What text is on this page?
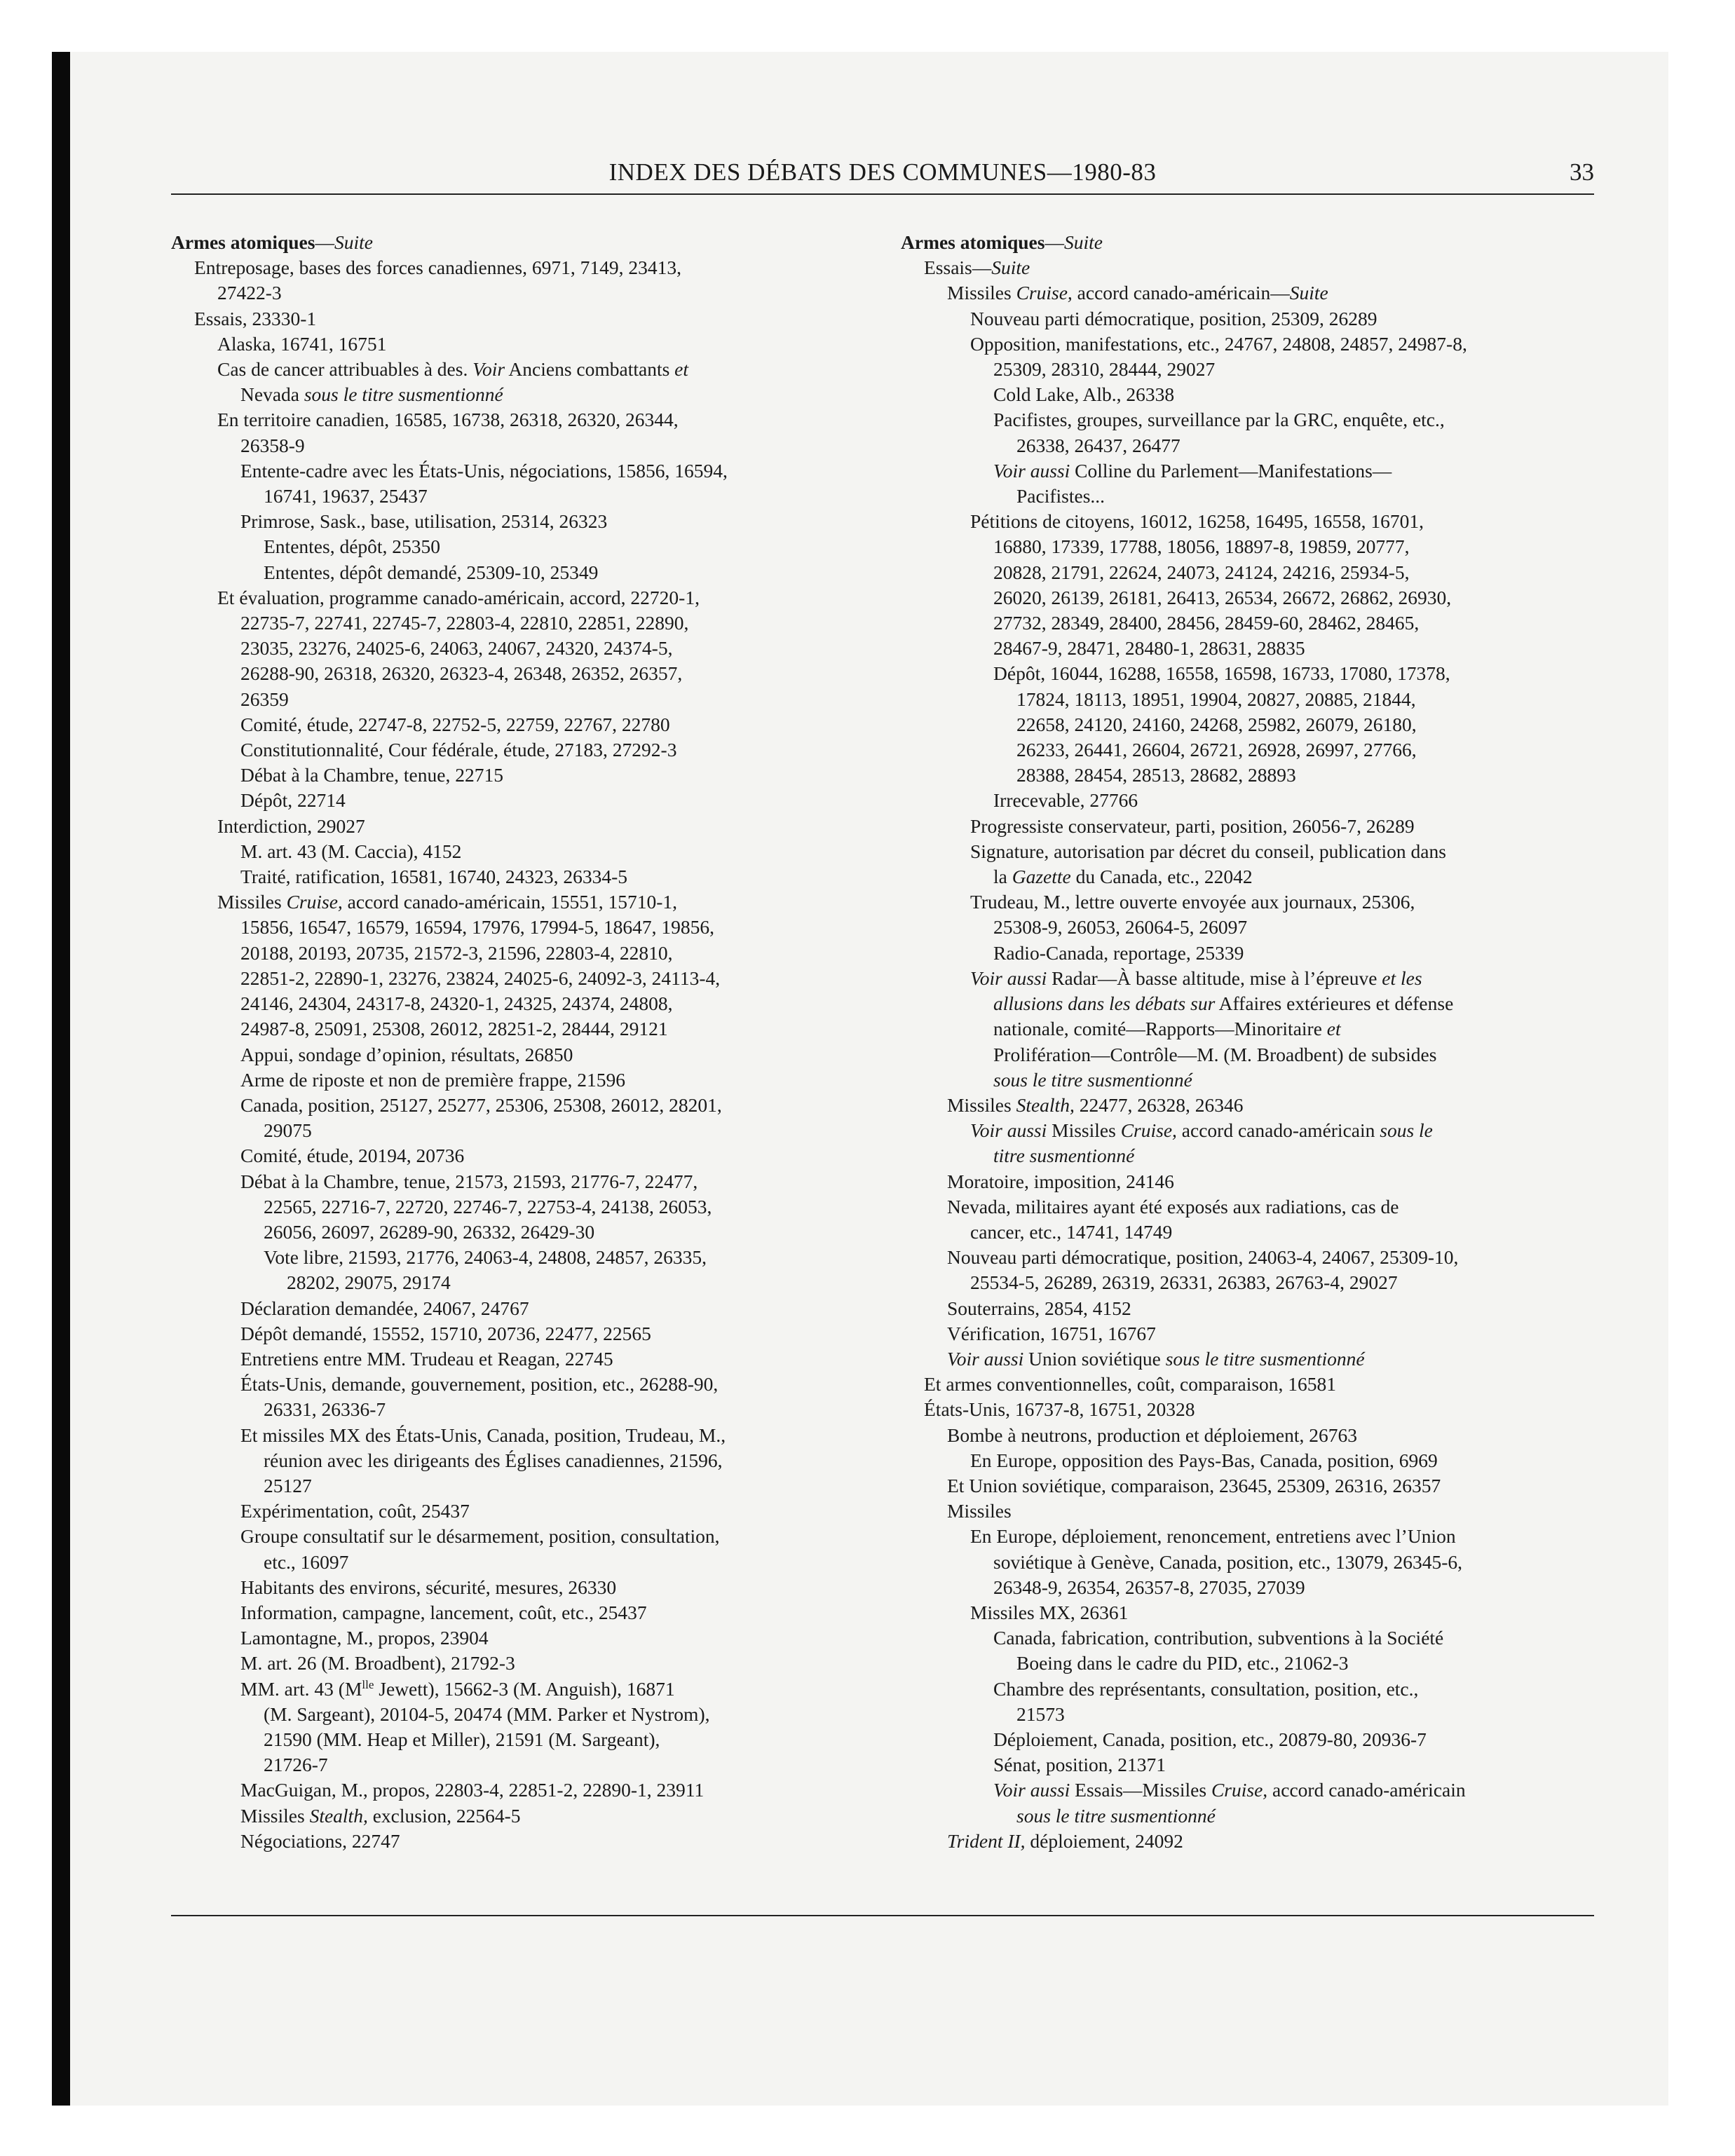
INDEX DES DÉBATS DES COMMUNES—1980-83	33
Armes atomiques—Suite
Entreposage, bases des forces canadiennes, 6971, 7149, 23413,
27422-3
Essais, 23330-1
Alaska, 16741, 16751
Cas de cancer attribuables à des. Voir Anciens combattants et
Nevada sous le titre susmentionné
En territoire canadien, 16585, 16738, 26318, 26320, 26344,
26358-9
Entente-cadre avec les États-Unis, négociations, 15856, 16594,
16741, 19637, 25437
Primrose, Sask., base, utilisation, 25314, 26323
Ententes, dépôt, 25350
Ententes, dépôt demandé, 25309-10, 25349
Et évaluation, programme canado-américain, accord, 22720-1,
22735-7, 22741, 22745-7, 22803-4, 22810, 22851, 22890,
23035, 23276, 24025-6, 24063, 24067, 24320, 24374-5,
26288-90, 26318, 26320, 26323-4, 26348, 26352, 26357,
26359
Comité, étude, 22747-8, 22752-5, 22759, 22767, 22780
Constitutionnalité, Cour fédérale, étude, 27183, 27292-3
Débat à la Chambre, tenue, 22715
Dépôt, 22714
Interdiction, 29027
M. art. 43 (M. Caccia), 4152
Traité, ratification, 16581, 16740, 24323, 26334-5
Missiles Cruise, accord canado-américain, 15551, 15710-1,
15856, 16547, 16579, 16594, 17976, 17994-5, 18647, 19856,
20188, 20193, 20735, 21572-3, 21596, 22803-4, 22810,
22851-2, 22890-1, 23276, 23824, 24025-6, 24092-3, 24113-4,
24146, 24304, 24317-8, 24320-1, 24325, 24374, 24808,
24987-8, 25091, 25308, 26012, 28251-2, 28444, 29121
Appui, sondage d’opinion, résultats, 26850
Arme de riposte et non de première frappe, 21596
Canada, position, 25127, 25277, 25306, 25308, 26012, 28201,
29075
Comité, étude, 20194, 20736
Débat à la Chambre, tenue, 21573, 21593, 21776-7, 22477,
22565, 22716-7, 22720, 22746-7, 22753-4, 24138, 26053,
26056, 26097, 26289-90, 26332, 26429-30
Vote libre, 21593, 21776, 24063-4, 24808, 24857, 26335,
28202, 29075, 29174
Déclaration demandée, 24067, 24767
Dépôt demandé, 15552, 15710, 20736, 22477, 22565
Entretiens entre MM. Trudeau et Reagan, 22745
États-Unis, demande, gouvernement, position, etc., 26288-90,
26331, 26336-7
Et missiles MX des États-Unis, Canada, position, Trudeau, M.,
réunion avec les dirigeants des Églises canadiennes, 21596,
25127
Expérimentation, coût, 25437
Groupe consultatif sur le désarmement, position, consultation,
etc., 16097
Habitants des environs, sécurité, mesures, 26330
Information, campagne, lancement, coût, etc., 25437
Lamontagne, M., propos, 23904
M. art. 26 (M. Broadbent), 21792-3
MM. art. 43 ($M^{lle}$ Jewett), 15662-3 (M. Anguish), 16871
(M. Sargeant), 20104-5, 20474 (MM. Parker et Nystrom),
21590 (MM. Heap et Miller), 21591 (M. Sargeant),
21726-7
MacGuigan, M., propos, 22803-4, 22851-2, 22890-1, 23911
Missiles Stealth, exclusion, 22564-5
Négociations, 22747
Armes atomiques—Suite
Essais—Suite
Missiles Cruise, accord canado-américain—Suite
Nouveau parti démocratique, position, 25309, 26289
Opposition, manifestations, etc., 24767, 24808, 24857, 24987-8,
25309, 28310, 28444, 29027
Cold Lake, Alb., 26338
Pacifistes, groupes, surveillance par la GRC, enquête, etc.,
26338, 26437, 26477
Voir aussi Colline du Parlement—Manifestations—
Pacifistes...
Pétitions de citoyens, 16012, 16258, 16495, 16558, 16701,
16880, 17339, 17788, 18056, 18897-8, 19859, 20777,
20828, 21791, 22624, 24073, 24124, 24216, 25934-5,
26020, 26139, 26181, 26413, 26534, 26672, 26862, 26930,
27732, 28349, 28400, 28456, 28459-60, 28462, 28465,
28467-9, 28471, 28480-1, 28631, 28835
Dépôt, 16044, 16288, 16558, 16598, 16733, 17080, 17378,
17824, 18113, 18951, 19904, 20827, 20885, 21844,
22658, 24120, 24160, 24268, 25982, 26079, 26180,
26233, 26441, 26604, 26721, 26928, 26997, 27766,
28388, 28454, 28513, 28682, 28893
Irrecevable, 27766
Progressiste conservateur, parti, position, 26056-7, 26289
Signature, autorisation par décret du conseil, publication dans
la Gazette du Canada, etc., 22042
Trudeau, M., lettre ouverte envoyée aux journaux, 25306,
25308-9, 26053, 26064-5, 26097
Radio-Canada, reportage, 25339
Voir aussi Radar—À basse altitude, mise à l’épreuve et les
allusions dans les débats sur Affaires extérieures et défense
nationale, comité—Rapports—Minoritaire et
Prolifération—Contrôle—M. (M. Broadbent) de subsides
sous le titre susmentionné
Missiles Stealth, 22477, 26328, 26346
Voir aussi Missiles Cruise, accord canado-américain sous le
titre susmentionné
Moratoire, imposition, 24146
Nevada, militaires ayant été exposés aux radiations, cas de
cancer, etc., 14741, 14749
Nouveau parti démocratique, position, 24063-4, 24067, 25309-10,
25534-5, 26289, 26319, 26331, 26383, 26763-4, 29027
Souterrains, 2854, 4152
Vérification, 16751, 16767
Voir aussi Union soviétique sous le titre susmentionné
Et armes conventionnelles, coût, comparaison, 16581
États-Unis, 16737-8, 16751, 20328
Bombe à neutrons, production et déploiement, 26763
En Europe, opposition des Pays-Bas, Canada, position, 6969
Et Union soviétique, comparaison, 23645, 25309, 26316, 26357
Missiles
En Europe, déploiement, renoncement, entretiens avec l’Union
soviétique à Genève, Canada, position, etc., 13079, 26345-6,
26348-9, 26354, 26357-8, 27035, 27039
Missiles MX, 26361
Canada, fabrication, contribution, subventions à la Société
Boeing dans le cadre du PID, etc., 21062-3
Chambre des représentants, consultation, position, etc.,
21573
Déploiement, Canada, position, etc., 20879-80, 20936-7
Sénat, position, 21371
Voir aussi Essais—Missiles Cruise, accord canado-américain
sous le titre susmentionné
Trident II, déploiement, 24092
